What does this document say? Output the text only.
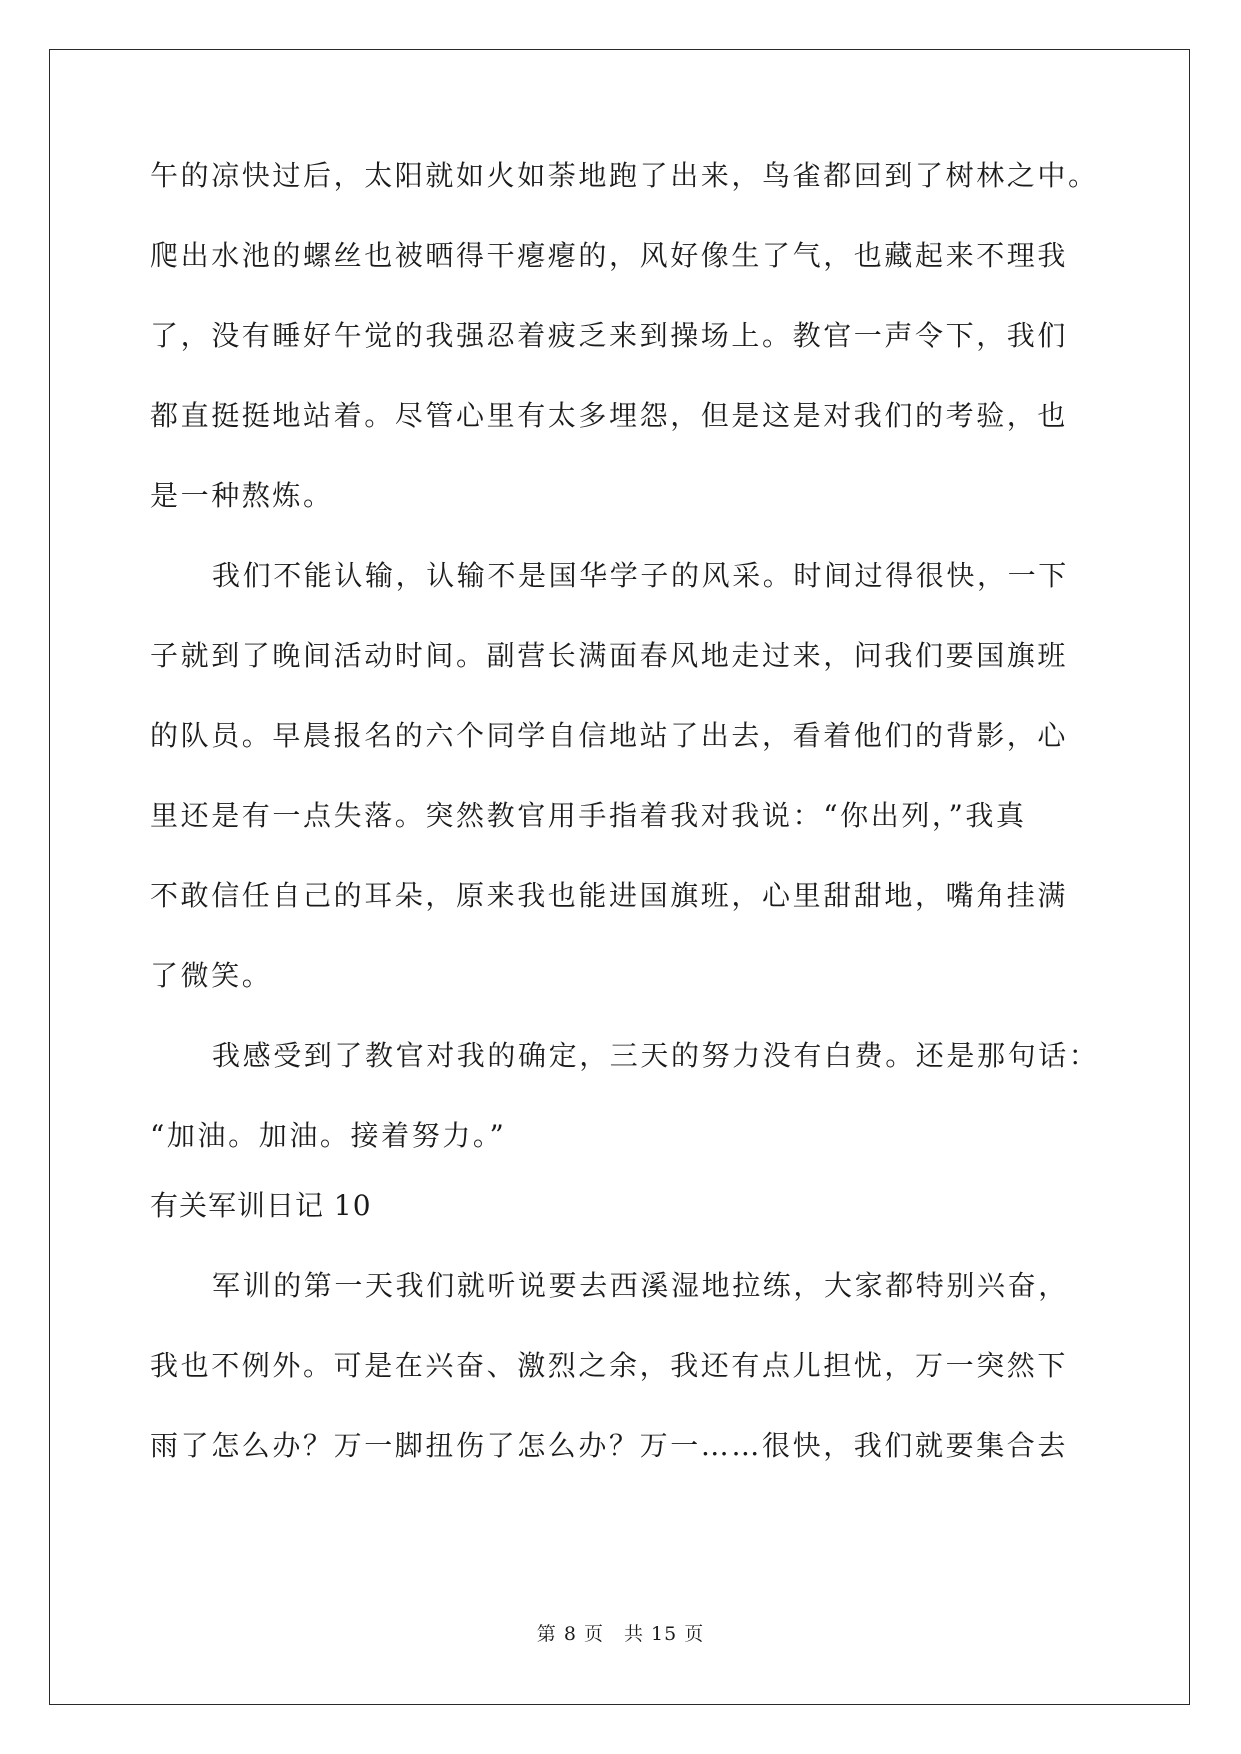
午的凉快过后，太阳就如火如荼地跑了出来，鸟雀都回到了树林之中。
爬出水池的螺丝也被晒得干瘪瘪的，风好像生了气，也藏起来不理我
了，没有睡好午觉的我强忍着疲乏来到操场上。教官一声令下，我们
都直挺挺地站着。尽管心里有太多埋怨，但是这是对我们的考验，也
是一种熬炼。
我们不能认输，认输不是国华学子的风采。时间过得很快，一下
子就到了晚间活动时间。副营长满面春风地走过来，问我们要国旗班
的队员。早晨报名的六个同学自信地站了出去，看着他们的背影，心
里还是有一点失落。突然教官用手指着我对我说：“你出列，”我真
不敢信任自己的耳朵，原来我也能进国旗班，心里甜甜地，嘴角挂满
了微笑。
我感受到了教官对我的确定，三天的努力没有白费。还是那句话：
“加油。加油。接着努力。”
有关军训日记 10
军训的第一天我们就听说要去西溪湿地拉练，大家都特别兴奋，
我也不例外。可是在兴奋、激烈之余，我还有点儿担忧，万一突然下
雨了怎么办？万一脚扭伤了怎么办？万一……很快，我们就要集合去
第 8 页　共 15 页
